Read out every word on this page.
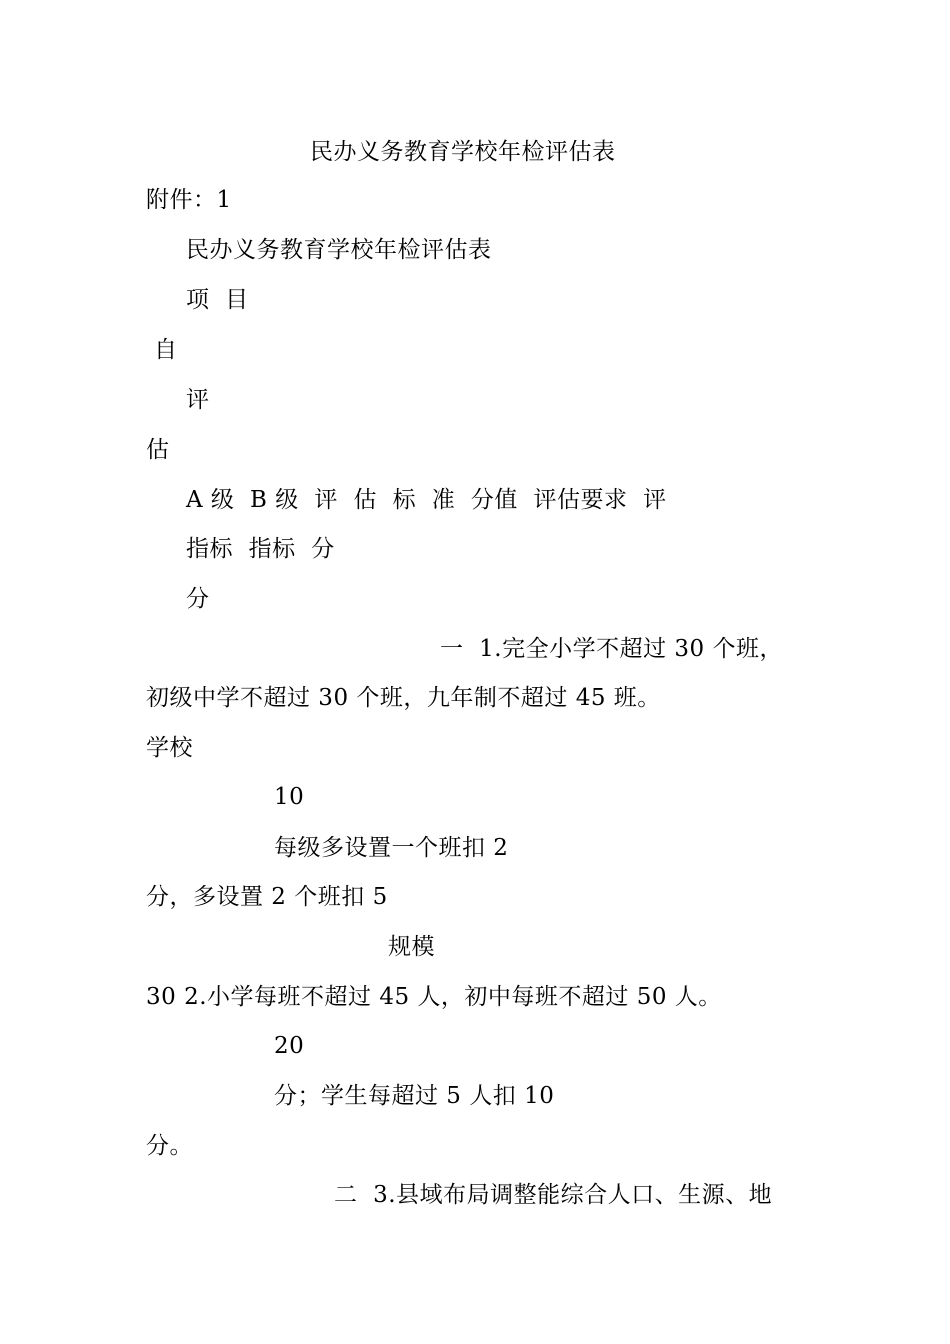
民办义务教育学校年检评估表
附件：1
民办义务教育学校年检评估表
项  目
自
评
估
A 级  B 级  评  估  标  准  分值  评估要求  评
指标  指标  分
分
一  1.完全小学不超过 30 个班，
初级中学不超过 30 个班，九年制不超过 45 班。
学校
10
每级多设置一个班扣 2
分，多设置 2 个班扣 5
规模
30 2.小学每班不超过 45 人，初中每班不超过 50 人。
20
分；学生每超过 5 人扣 10
分。
二  3.县域布局调整能综合人口、生源、地
